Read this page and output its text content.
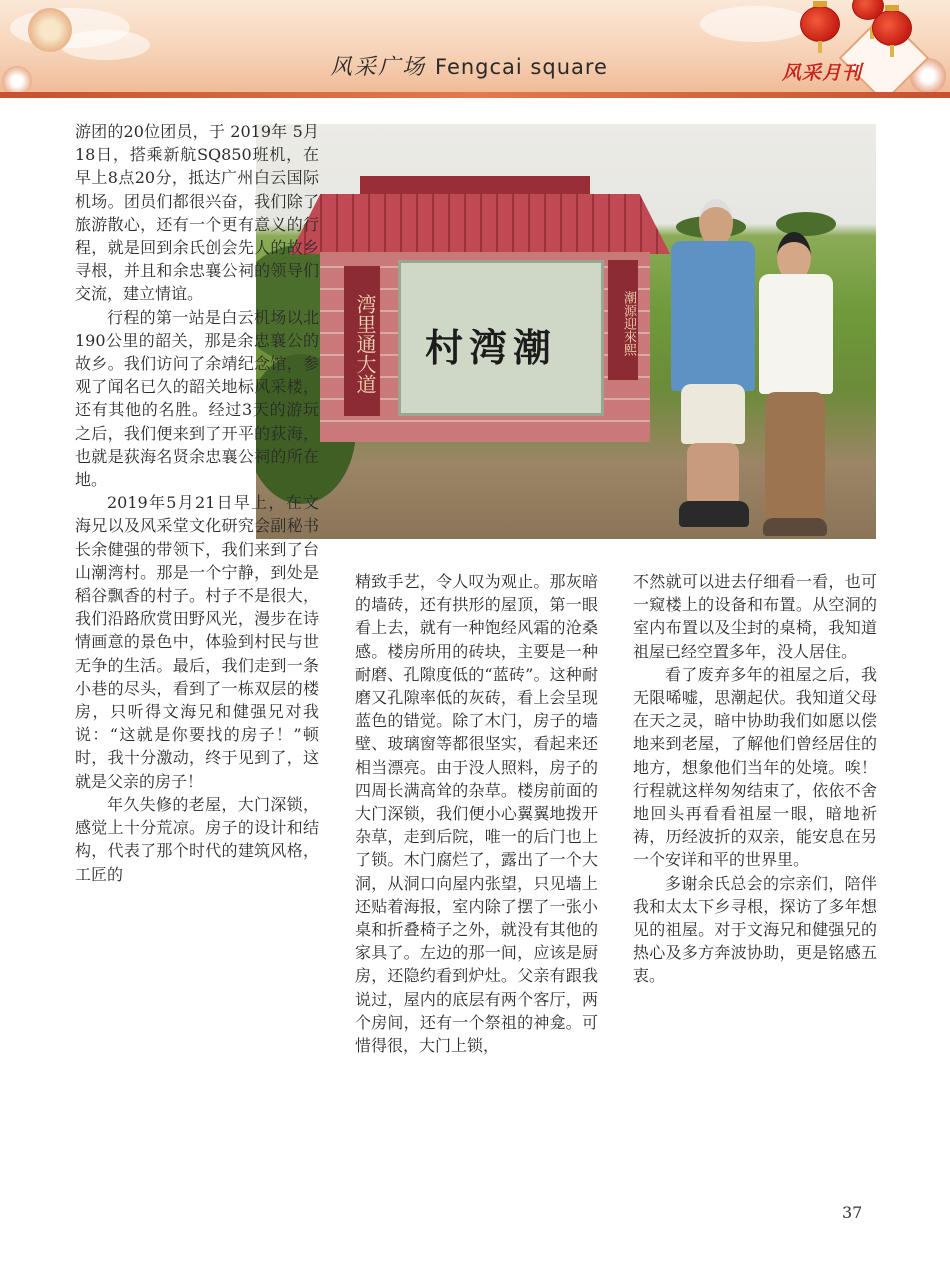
风采广场 Fengcai square	风采月刊
湾里通大道 村湾潮	潮源迎來熙

游团的20位团员，于 2019年 5月 18日，搭乘新航SQ850班机，在早上8点20分，抵达广州白云国际机场。团员们都很兴奋，我们除了旅游散心，还有一个更有意义的行程，就是回到余氏创会先人的故乡寻根，并且和余忠襄公祠的领导们交流，建立情谊。

行程的第一站是白云机场以北190公里的韶关，那是余忠襄公的故乡。我们访问了余靖纪念馆，参观了闻名已久的韶关地标风采楼，还有其他的名胜。经过3天的游玩之后，我们便来到了开平的荻海，也就是荻海名贤余忠襄公祠的所在地。

2019年5月21日早上，在文海兄以及风采堂文化研究会副秘书长余健强的带领下，我们来到了台山潮湾村。那是一个宁静，到处是稻谷飘香的村子。村子不是很大，我们沿路欣赏田野风光，漫步在诗情画意的景色中，体验到村民与世无争的生活。最后，我们走到一条小巷的尽头，看到了一栋双层的楼房，只听得文海兄和健强兄对我说：“这就是你要找的房子！”顿时，我十分激动，终于见到了，这就是父亲的房子！

年久失修的老屋，大门深锁，感觉上十分荒凉。房子的设计和结构，代表了那个时代的建筑风格，工匠的

精致手艺，令人叹为观止。那灰暗的墙砖，还有拱形的屋顶，第一眼看上去，就有一种饱经风霜的沧桑感。楼房所用的砖块，主要是一种耐磨、孔隙度低的“蓝砖”。这种耐磨又孔隙率低的灰砖，看上会呈现蓝色的错觉。除了木门，房子的墙壁、玻璃窗等都很坚实，看起来还相当漂亮。由于没人照料，房子的四周长满高耸的杂草。楼房前面的大门深锁，我们便小心翼翼地拨开杂草，走到后院，唯一的后门也上了锁。木门腐烂了，露出了一个大洞，从洞口向屋内张望，只见墙上还贴着海报，室内除了摆了一张小桌和折叠椅子之外，就没有其他的家具了。左边的那一间，应该是厨房，还隐约看到炉灶。父亲有跟我说过，屋内的底层有两个客厅，两个房间，还有一个祭祖的神龛。可惜得很，大门上锁，

不然就可以进去仔细看一看，也可一窥楼上的设备和布置。从空洞的室内布置以及尘封的桌椅，我知道祖屋已经空置多年，没人居住。

看了废弃多年的祖屋之后，我无限唏嘘，思潮起伏。我知道父母在天之灵，暗中协助我们如愿以偿地来到老屋，了解他们曾经居住的地方，想象他们当年的处境。唉！行程就这样匆匆结束了，依依不舍地回头再看看祖屋一眼，暗地祈祷，历经波折的双亲，能安息在另一个安详和平的世界里。

多谢余氏总会的宗亲们，陪伴我和太太下乡寻根，探访了多年想见的祖屋。对于文海兄和健强兄的热心及多方奔波协助，更是铭感五衷。

37
